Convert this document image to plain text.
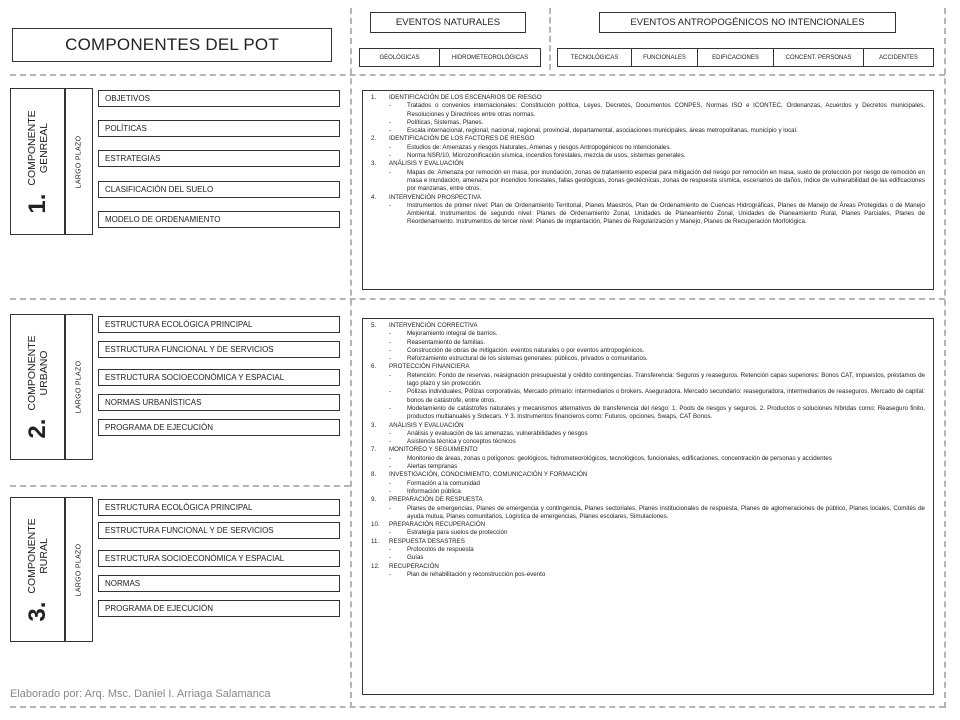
COMPONENTES DEL POT
EVENTOS NATURALES	EVENTOS ANTROPOGÉNICOS NO INTENCIONALES
GEOLÓGICAS	HIDROMETEOROLÓGICAS	TECNOLÓGICAS	FUNCIONALES	EDIFICACIONES	CONCENT. PERSONAS	ACCIDENTES
1.
COMPONENTE
GENREAL	LARGO PLAZO
OBJETIVOS
POLÍTICAS
ESTRATEGIAS
CLASIFICACIÓN DEL SUELO
MODELO DE ORDENAMIENTO
2.
COMPONENTE
URBANO	LARGO PLAZO
ESTRUCTURA ECOLÓGICA PRINCIPAL
ESTRUCTURA FUNCIONAL Y DE SERVICIOS
ESTRUCTURA SOCIOECONÓMICA Y ESPACIAL
NORMAS URBANÍSTICAS
PROGRAMA DE EJECUCIÓN
3.
COMPONENTE
RURAL	LARGO PLAZO
ESTRUCTURA ECOLÓGICA PRINCIPAL
ESTRUCTURA FUNCIONAL Y DE SERVICIOS
ESTRUCTURA SOCIOECONÓMICA Y ESPACIAL
NORMAS
PROGRAMA DE EJECUCIÓN
1.	IDENTIFICACIÓN DE LOS ESCENARIOS DE RIESGO
-	Tratados o convenios internacionales: Constitución política, Leyes, Decretos, Documentos CONPES, Normas ISO e ICONTEC, Ordenanzas, Acuerdos y Decretos municipales, Resoluciones y Directrices entre otras normas.
-	Políticas, Sistemas, Planes.
-	Escala internacional, regional, nacional, regional, provincial, departamental, asociaciones municipales, áreas metropolitanas, municipio y local.
2.	IDENTIFICACIÓN DE LOS FACTORES DE RIESGO
-	Estudios de: Amenazas y riesgos Naturales, Amenas y riesgos Antropogénicos no intencionales.
-	Norma NSR/10, Microzonificación sísmica, incendios forestales, mezcla de usos, sistemas generales.
3.	ANÁLISIS Y EVALUACIÓN
-	Mapas de: Amenaza por remoción en masa, por inundación, zonas de tratamiento especial para mitigación del riesgo por remoción en masa, suelo de protección por riesgo de remoción en masa e inundación, amenaza por incendios forestales, fallas geológicas, zonas geotécnicas, zonas de respuesta sísmica, escenarios de daños, índice de vulnerabilidad de las edificaciones por manzanas, entre otros.
4.	INTERVENCIÓN PROSPECTIVA
-	Instrumentos de primer nivel: Plan de Ordenamiento Territorial, Planes Maestros, Plan de Ordenamiento de Cuencas Hidrográficas, Planes de Manejo de Áreas Protegidas o de Manejo Ambiental. Instrumentos de segundo nivel: Planes de Ordenamiento Zonal, Unidades de Planeamiento Zonal, Unidades de Planeamiento Rural, Planes Parciales, Planes de Reordenamiento. Instrumentos de tercer nivel: Planes de implantación, Planes de Regularización y Manejo, Planes de Recuperación Morfológica.
5.	INTERVENCIÓN CORRECTIVA
-	Mejoramiento integral de barrios.
-	Reasentamiento de familias.
-	Construcción de obras de mitigación: eventos naturales o por eventos antropogénicos.
-	Reforzamiento estructural de los sistemas generales: públicos, privados o comunitarios.
6.	PROTECCIÓN FINANCIERA
-	Retención: Fondo de reservas, reasignación presupuestal y crédito contingencias. Transferencia: Seguros y reaseguros. Retención capas superiores: Bonos CAT, impuestos, préstamos de lago plazo y sin protección.
-	Pólizas individuales, Pólizas corporativas, Mercado primario: intermediarios o brokers. Aseguradora. Mercado secundario: reaseguradora, intermediarios de reaseguros. Mercado de capital: bonos de catástrofe, entre otros.
-	Modelamiento de catástrofes naturales y mecanismos alternativos de transferencia del riesgo: 1. Pools de riesgos y seguros. 2. Productos o soluciones híbridas como: Reaseguro finito, productos multianuales y Sidecars. Y 3. Instrumentos financieros como: Futuros, opciones, Swaps, CAT Bonos.
3.	ANÁLISIS Y EVALUACIÓN
-	Análisis y evaluación de las amenazas, vulnerabilidades y riesgos
-	Asistencia técnica y conceptos técnicos
7.	MONITOREO Y SEGUIMIENTO
-	Monitoreo de áreas, zonas o polígonos: geológicos, hidrometeorológicos, tecnológicos, funcionales, edificaciones, concentración de personas y accidentes
-	Alertas tempranas
8.	INVESTIGACIÓN, CONOCIMIENTO, COMUNICACIÓN Y FORMACIÓN
-	Formación a la comunidad
-	Información pública
9.	PREPARACIÓN DE RESPUESTA
-	Planes de emergencias, Planes de emergencia y contingencia, Planes sectoriales, Planes institucionales de respuesta, Planes de aglomeraciones de público, Planes locales, Comités de ayuda mutua, Planes comunitarios, Logística de emergencias, Planes escolares, Simulaciones.
10.	PREPARACIÓN RECUPERACIÓN
-	Estrategia para suelos de protección
11.	RESPUESTA DESASTRES
-	Protocolos de respuesta
-	Guías
12.	RECUPERACIÓN
-	Plan de rehabilitación y reconstrucción pos-evento
Elaborado por: Arq. Msc. Daniel I. Arriaga Salamanca
